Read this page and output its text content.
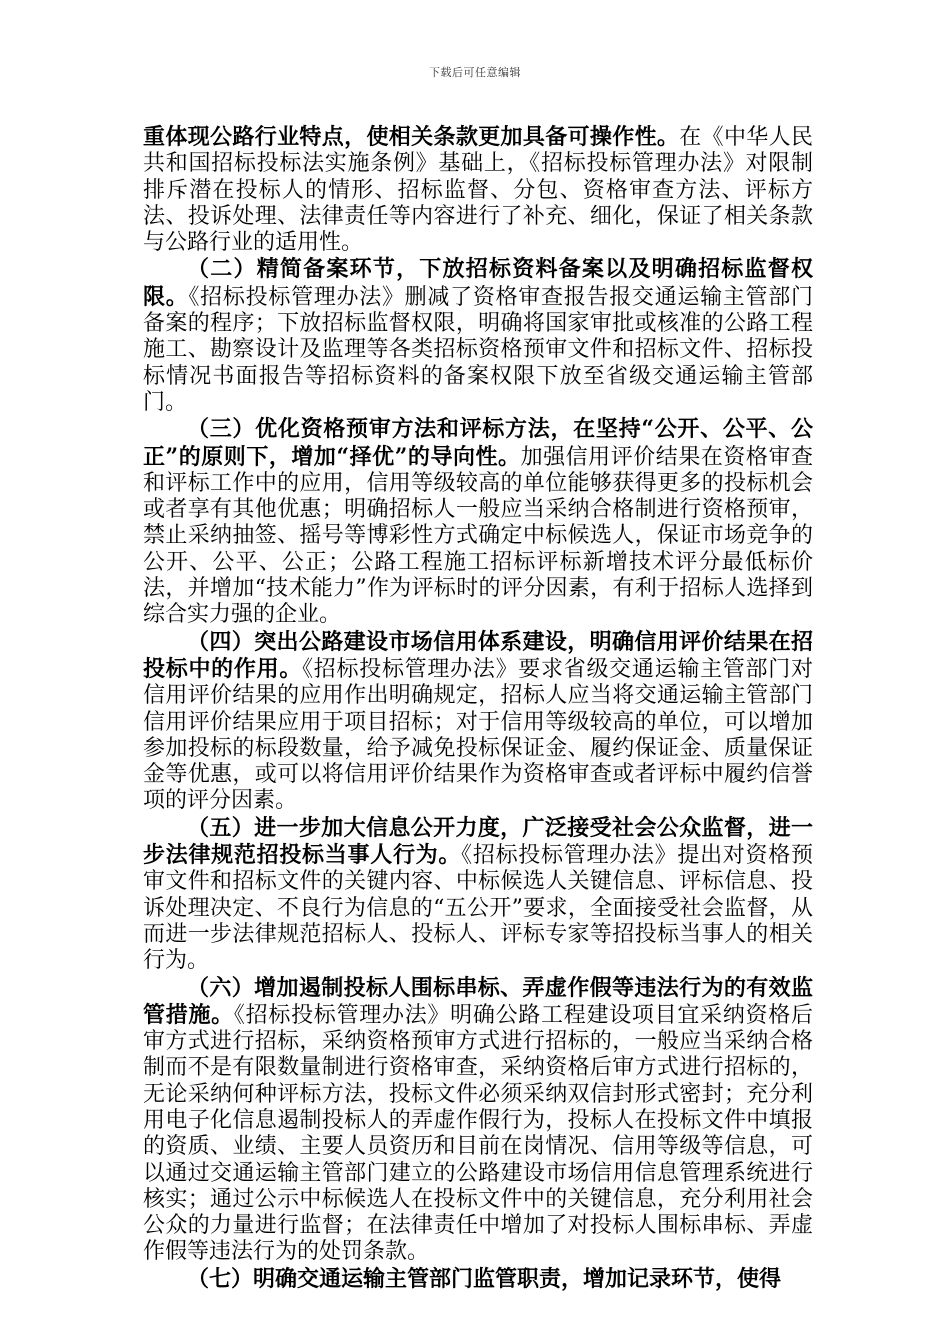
下载后可任意编辑

重体现公路行业特点，使相关条款更加具备可操作性。在《中华人民共和国招标投标法实施条例》基础上，《招标投标管理办法》对限制排斥潜在投标人的情形、招标监督、分包、资格审查方法、评标方法、投诉处理、法律责任等内容进行了补充、细化，保证了相关条款与公路行业的适用性。

（二）精简备案环节，下放招标资料备案以及明确招标监督权限。《招标投标管理办法》删减了资格审查报告报交通运输主管部门备案的程序；下放招标监督权限，明确将国家审批或核准的公路工程施工、勘察设计及监理等各类招标资格预审文件和招标文件、招标投标情况书面报告等招标资料的备案权限下放至省级交通运输主管部门。

（三）优化资格预审方法和评标方法，在坚持“公开、公平、公正”的原则下，增加“择优”的导向性。加强信用评价结果在资格审查和评标工作中的应用，信用等级较高的单位能够获得更多的投标机会或者享有其他优惠；明确招标人一般应当采纳合格制进行资格预审，禁止采纳抽签、摇号等博彩性方式确定中标候选人，保证市场竞争的公开、公平、公正；公路工程施工招标评标新增技术评分最低标价法，并增加“技术能力”作为评标时的评分因素，有利于招标人选择到综合实力强的企业。

（四）突出公路建设市场信用体系建设，明确信用评价结果在招投标中的作用。《招标投标管理办法》要求省级交通运输主管部门对信用评价结果的应用作出明确规定，招标人应当将交通运输主管部门信用评价结果应用于项目招标；对于信用等级较高的单位，可以增加参加投标的标段数量，给予减免投标保证金、履约保证金、质量保证金等优惠，或可以将信用评价结果作为资格审查或者评标中履约信誉项的评分因素。

（五）进一步加大信息公开力度，广泛接受社会公众监督，进一步法律规范招投标当事人行为。《招标投标管理办法》提出对资格预审文件和招标文件的关键内容、中标候选人关键信息、评标信息、投诉处理决定、不良行为信息的“五公开”要求，全面接受社会监督，从而进一步法律规范招标人、投标人、评标专家等招投标当事人的相关行为。

（六）增加遏制投标人围标串标、弄虚作假等违法行为的有效监管措施。《招标投标管理办法》明确公路工程建设项目宜采纳资格后审方式进行招标，采纳资格预审方式进行招标的，一般应当采纳合格制而不是有限数量制进行资格审查，采纳资格后审方式进行招标的，无论采纳何种评标方法，投标文件必须采纳双信封形式密封；充分利用电子化信息遏制投标人的弄虚作假行为，投标人在投标文件中填报的资质、业绩、主要人员资历和目前在岗情况、信用等级等信息，可以通过交通运输主管部门建立的公路建设市场信用信息管理系统进行核实；通过公示中标候选人在投标文件中的关键信息，充分利用社会公众的力量进行监督；在法律责任中增加了对投标人围标串标、弄虚作假等违法行为的处罚条款。

（七）明确交通运输主管部门监管职责，增加记录环节，使得
